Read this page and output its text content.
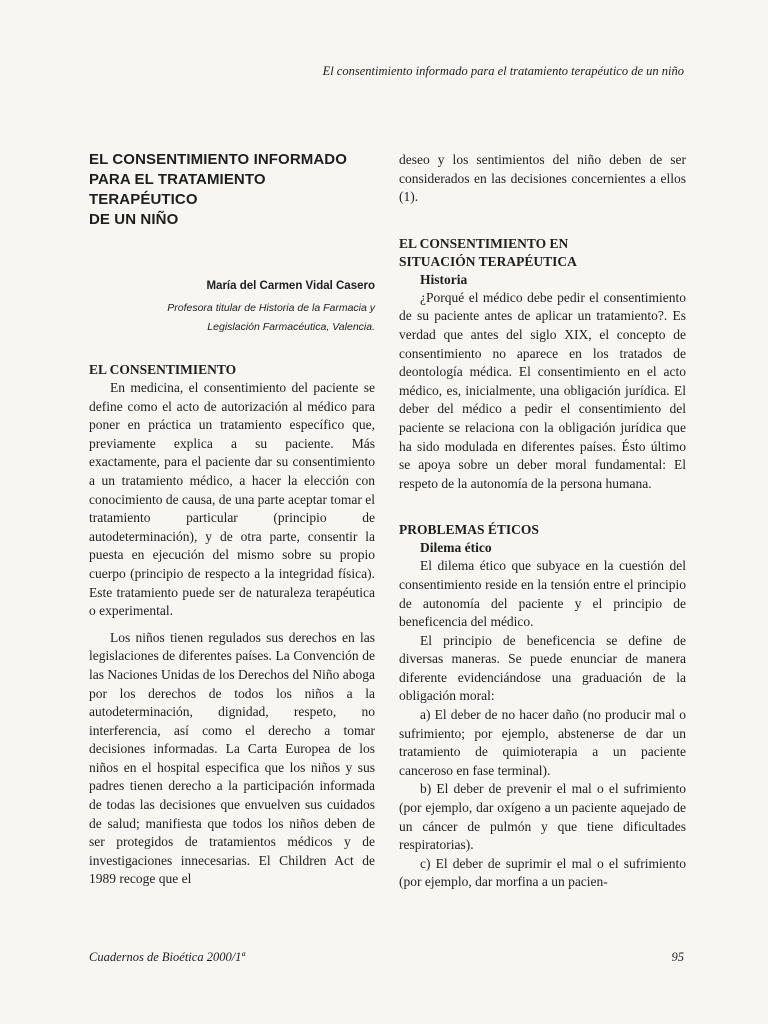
El consentimiento informado para el tratamiento terapéutico de un niño
EL CONSENTIMIENTO INFORMADO
PARA EL TRATAMIENTO TERAPÉUTICO
DE UN NIÑO
María del Carmen Vidal Casero
Profesora titular de Historia de la Farmacia y
Legislación Farmacéutica, Valencia.
EL CONSENTIMIENTO

En medicina, el consentimiento del paciente se define como el acto de autorización al médico para poner en práctica un tratamiento específico que, previamente explica a su paciente. Más exactamente, para el paciente dar su consentimiento a un tratamiento médico, a hacer la elección con conocimiento de causa, de una parte aceptar tomar el tratamiento particular (principio de autodeterminación), y de otra parte, consentir la puesta en ejecución del mismo sobre su propio cuerpo (principio de respecto a la integridad física). Este tratamiento puede ser de naturaleza terapéutica o experimental.

Los niños tienen regulados sus derechos en las legislaciones de diferentes países. La Convención de las Naciones Unidas de los Derechos del Niño aboga por los derechos de todos los niños a la autodeterminación, dignidad, respeto, no interferencia, así como el derecho a tomar decisiones informadas. La Carta Europea de los niños en el hospital especifica que los niños y sus padres tienen derecho a la participación informada de todas las decisiones que envuelven sus cuidados de salud; manifiesta que todos los niños deben de ser protegidos de tratamientos médicos y de investigaciones innecesarias. El Children Act de 1989 recoge que el

deseo y los sentimientos del niño deben de ser considerados en las decisiones concernientes a ellos (1).

EL CONSENTIMIENTO EN
SITUACIÓN TERAPÉUTICA
Historia

¿Porqué el médico debe pedir el consentimiento de su paciente antes de aplicar un tratamiento?. Es verdad que antes del siglo XIX, el concepto de consentimiento no aparece en los tratados de deontología médica. El consentimiento en el acto médico, es, inicialmente, una obligación jurídica. El deber del médico a pedir el consentimiento del paciente se relaciona con la obligación jurídica que ha sido modulada en diferentes países. Ésto último se apoya sobre un deber moral fundamental: El respeto de la autonomía de la persona humana.

PROBLEMAS ÉTICOS
Dilema ético

El dilema ético que subyace en la cuestión del consentimiento reside en la tensión entre el principio de autonomía del paciente y el principio de beneficencia del médico.

El principio de beneficencia se define de diversas maneras. Se puede enunciar de manera diferente evidenciándose una graduación de la obligación moral:

a) El deber de no hacer daño (no producir mal o sufrimiento; por ejemplo, abstenerse de dar un tratamiento de quimioterapia a un paciente canceroso en fase terminal).

b) El deber de prevenir el mal o el sufrimiento (por ejemplo, dar oxígeno a un paciente aquejado de un cáncer de pulmón y que tiene dificultades respiratorias).

c) El deber de suprimir el mal o el sufrimiento (por ejemplo, dar morfina a un pacien-

Cuadernos de Bioética 2000/1ª	95
